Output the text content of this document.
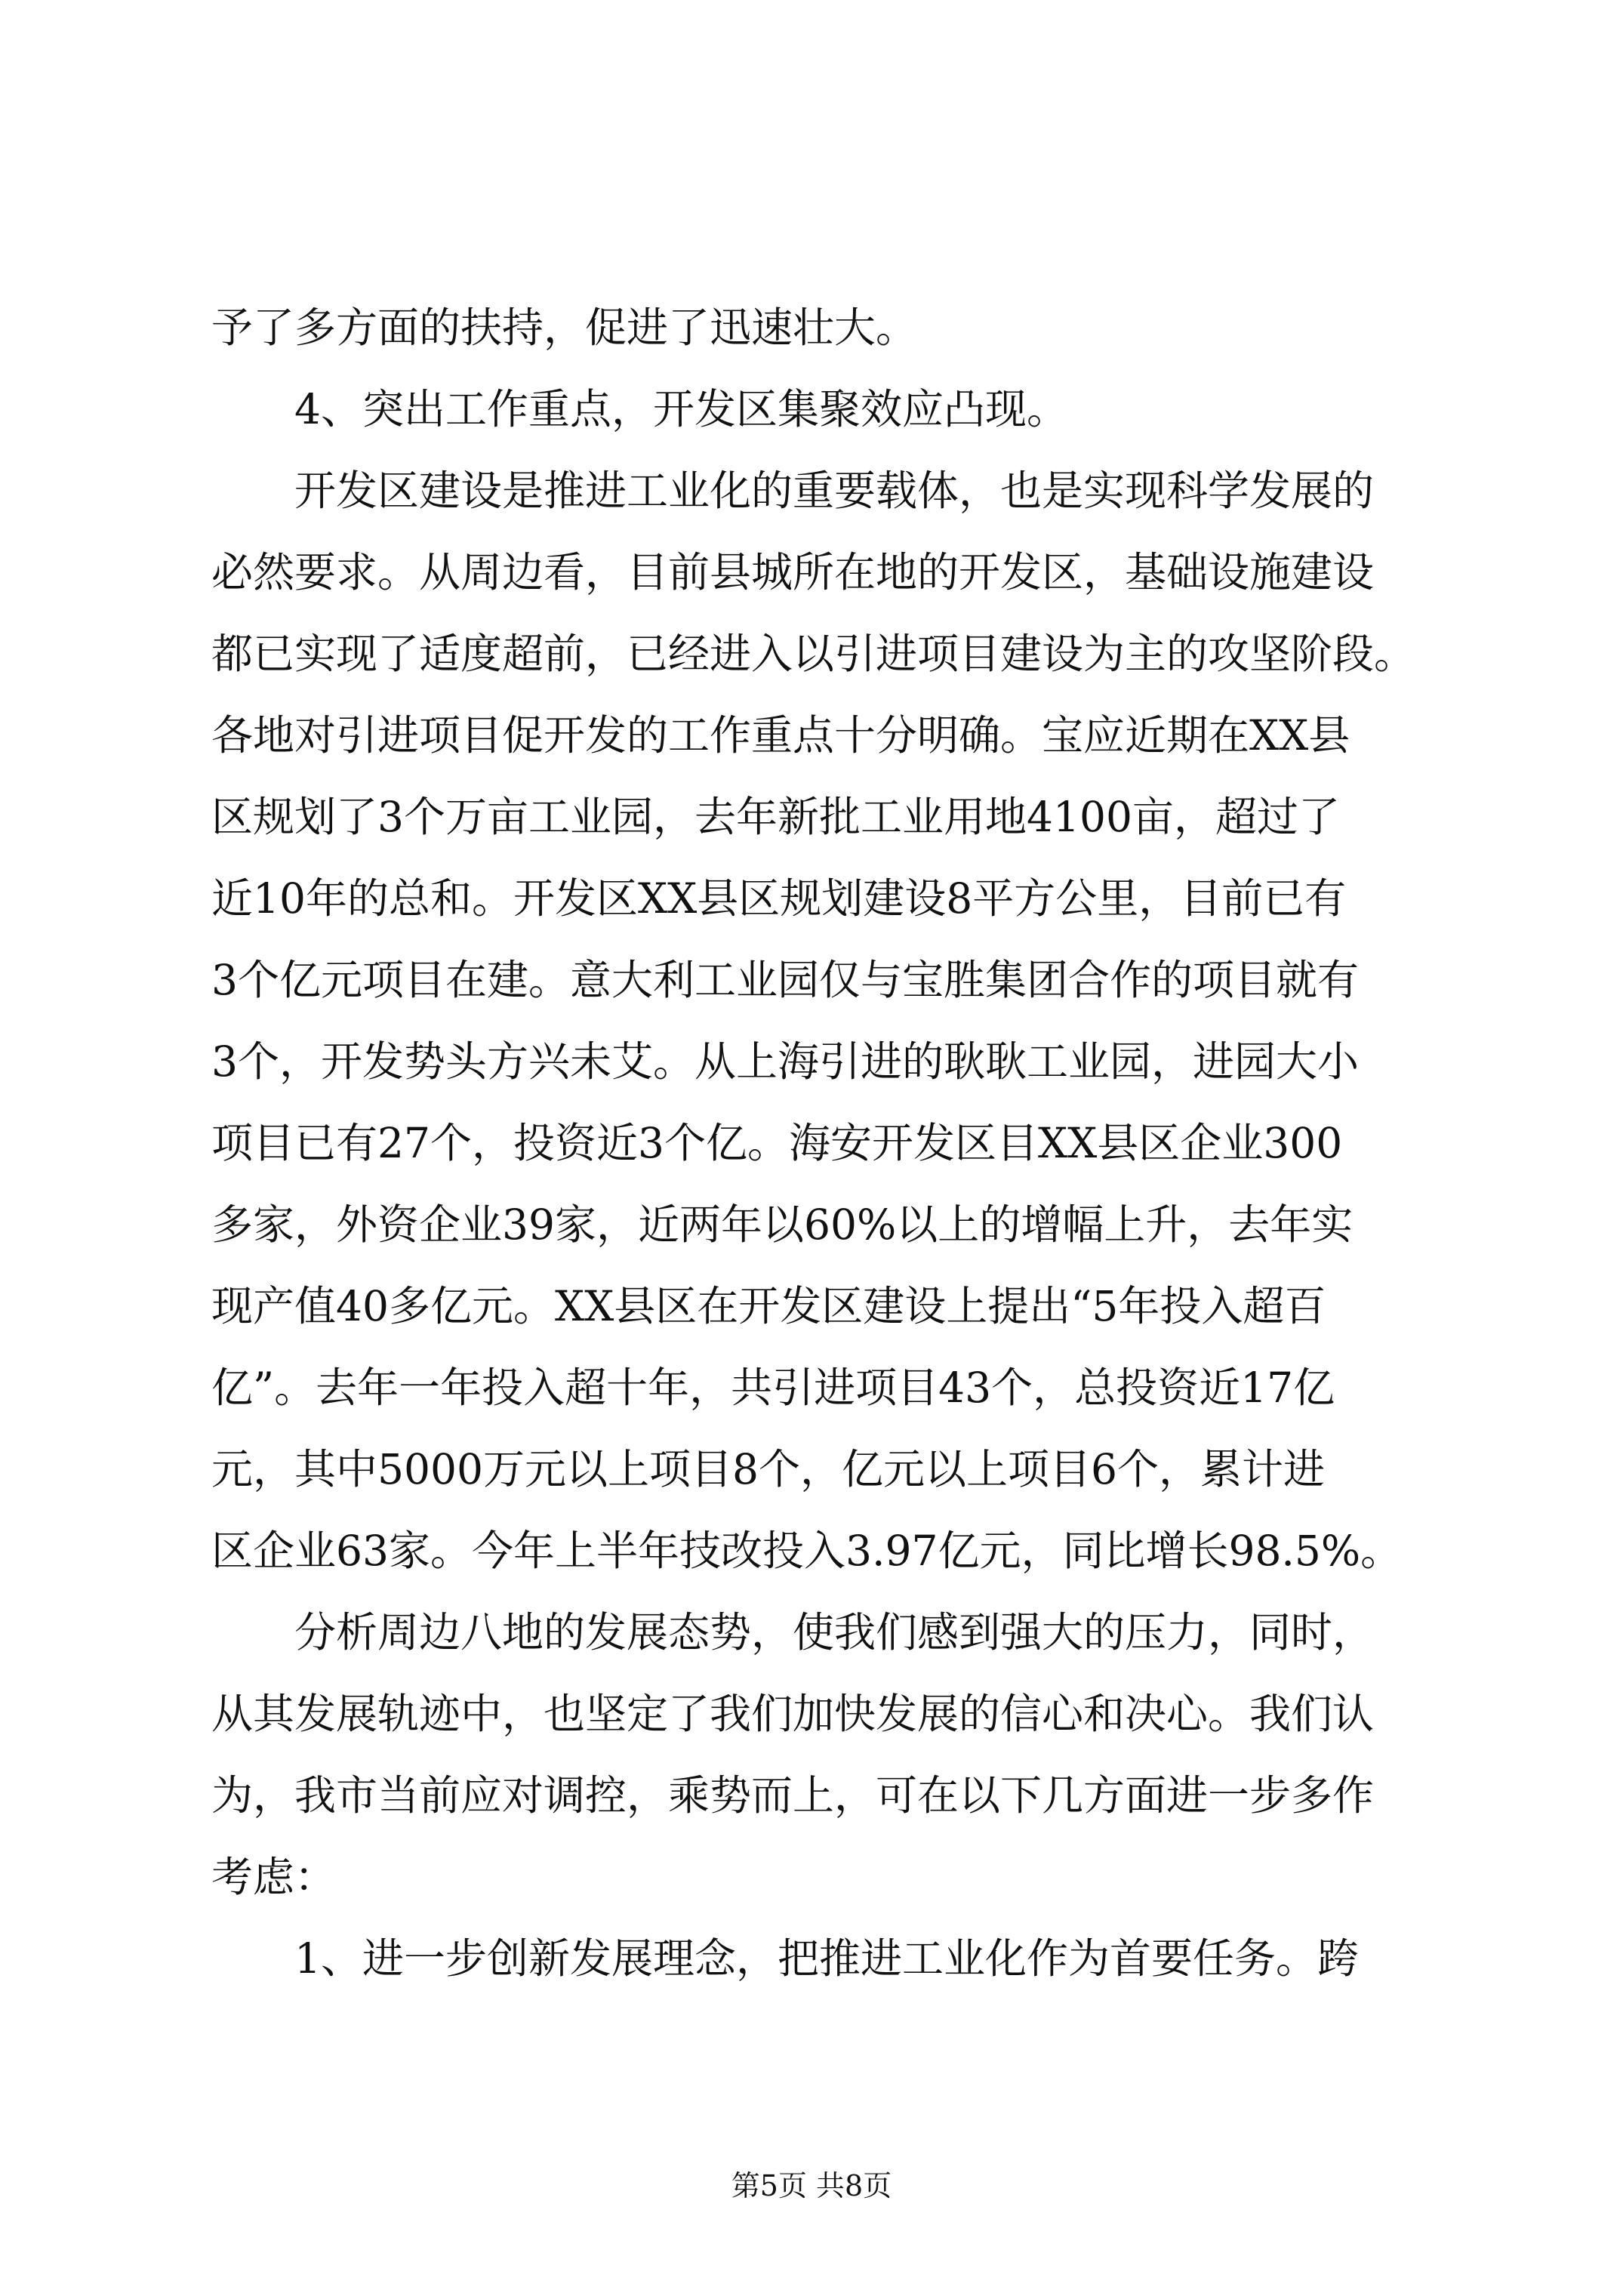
予了多方面的扶持，促进了迅速壮大。
　　4、突出工作重点，开发区集聚效应凸现。
　　开发区建设是推进工业化的重要载体，也是实现科学发展的
必然要求。从周边看，目前县城所在地的开发区，基础设施建设
都已实现了适度超前，已经进入以引进项目建设为主的攻坚阶段。
各地对引进项目促开发的工作重点十分明确。宝应近期在XX县
区规划了3个万亩工业园，去年新批工业用地4100亩，超过了
近10年的总和。开发区XX县区规划建设8平方公里，目前已有
3个亿元项目在建。意大利工业园仅与宝胜集团合作的项目就有
3个，开发势头方兴未艾。从上海引进的耿耿工业园，进园大小
项目已有27个，投资近3个亿。海安开发区目XX县区企业300
多家，外资企业39家，近两年以60%以上的增幅上升，去年实
现产值40多亿元。XX县区在开发区建设上提出“5年投入超百
亿”。去年一年投入超十年，共引进项目43个，总投资近17亿
元，其中5000万元以上项目8个，亿元以上项目6个，累计进
区企业63家。今年上半年技改投入3.97亿元，同比增长98.5%。
　　分析周边八地的发展态势，使我们感到强大的压力，同时，
从其发展轨迹中，也坚定了我们加快发展的信心和决心。我们认
为，我市当前应对调控，乘势而上，可在以下几方面进一步多作
考虑：
　　1、进一步创新发展理念，把推进工业化作为首要任务。跨
第5页 共8页
